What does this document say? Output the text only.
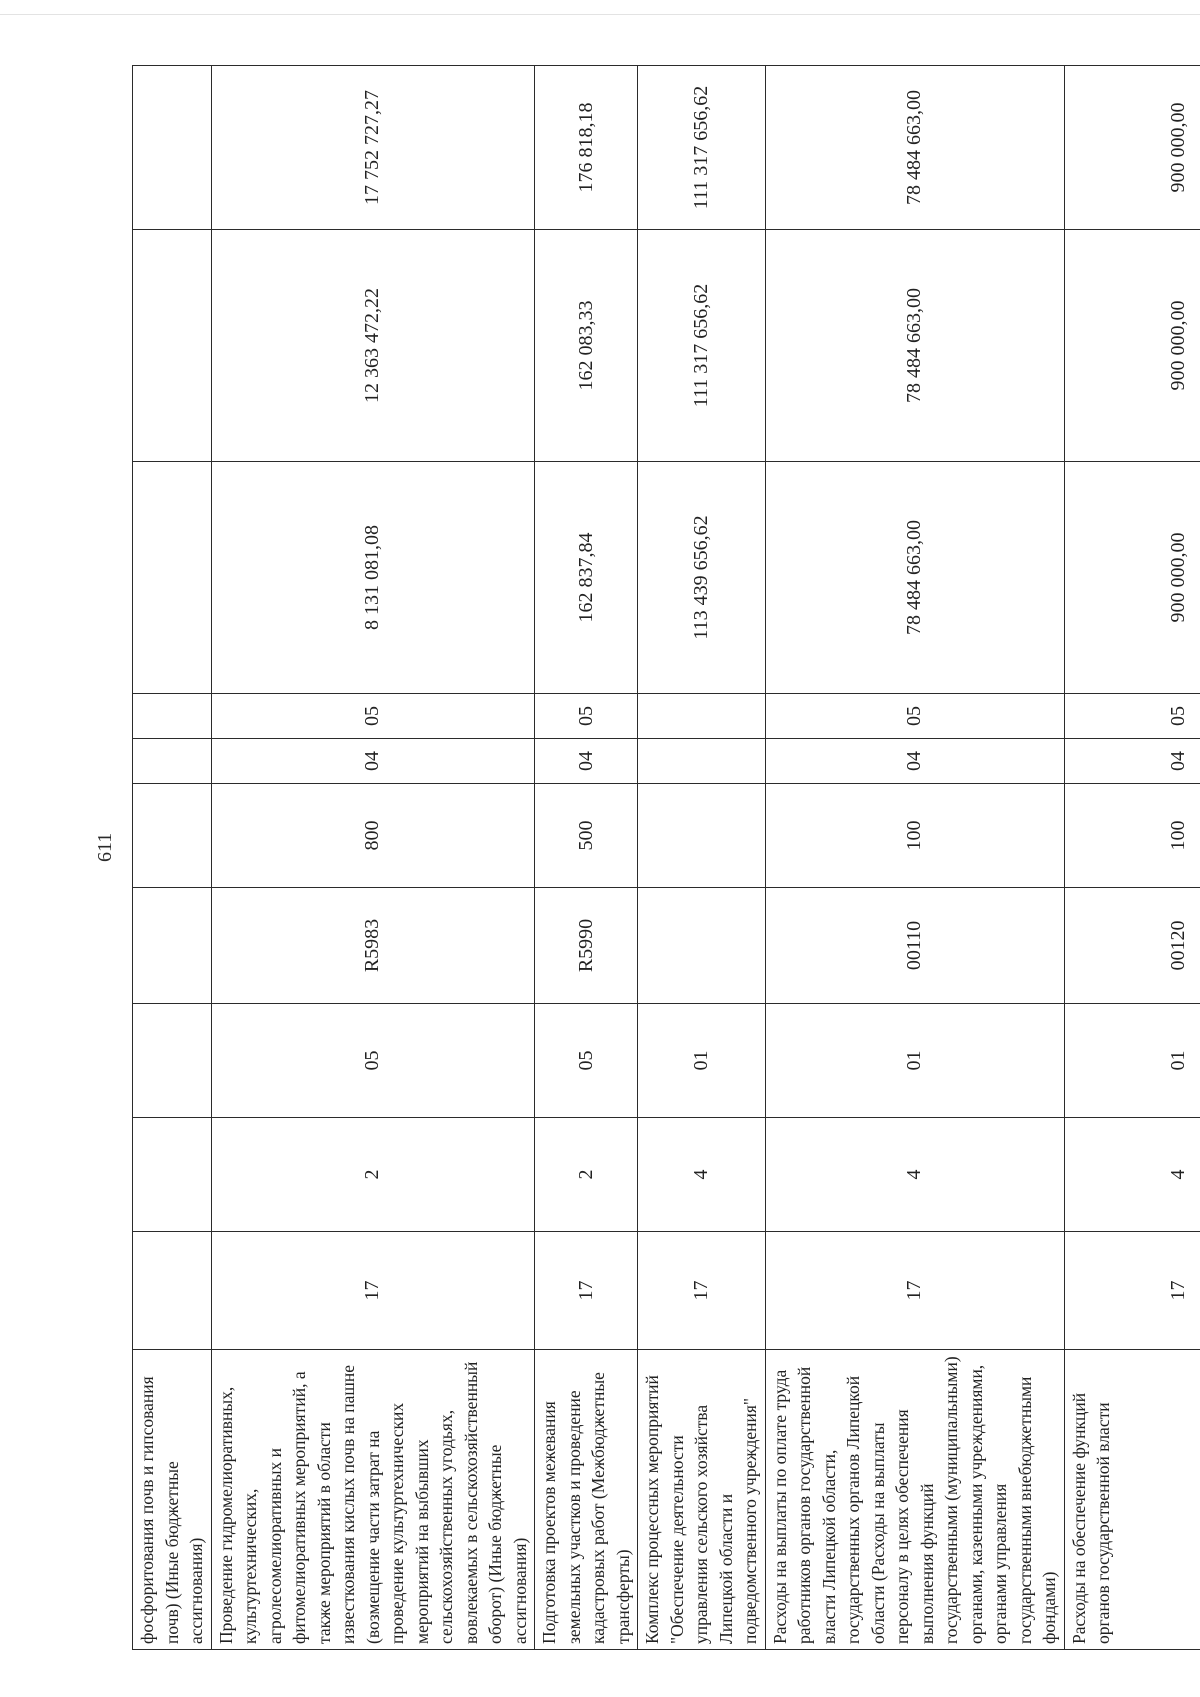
611
фосфоритования почв и гипсования почв) (Иные бюджетные ассигнования)										
Проведение гидромелиоративных, культуртехнических, агролесомелиоративных и фитомелиоративных мероприятий, а также мероприятий в области известкования кислых почв на пашне (возмещение части затрат на проведение культуртехнических мероприятий на выбывших сельскохозяйственных угодьях, вовлекаемых в сельскохозяйственный оборот) (Иные бюджетные ассигнования)	17	2	05	R5983	800	04	05	8 131 081,08	12 363 472,22	17 752 727,27
Подготовка проектов межевания земельных участков и проведение кадастровых работ (Межбюджетные трансферты)	17	2	05	R5990	500	04	05	162 837,84	162 083,33	176 818,18
Комплекс процессных мероприятий "Обеспечение деятельности управления сельского хозяйства Липецкой области и подведомственного учреждения"	17	4	01					113 439 656,62	111 317 656,62	111 317 656,62
Расходы на выплаты по оплате труда работников органов государственной власти Липецкой области, государственных органов Липецкой области (Расходы на выплаты персоналу в целях обеспечения выполнения функций государственными (муниципальными) органами, казенными учреждениями, органами управления государственными внебюджетными фондами)	17	4	01	00110	100	04	05	78 484 663,00	78 484 663,00	78 484 663,00
Расходы на обеспечение функций органов государственной власти	17	4	01	00120	100	04	05	900 000,00	900 000,00	900 000,00
